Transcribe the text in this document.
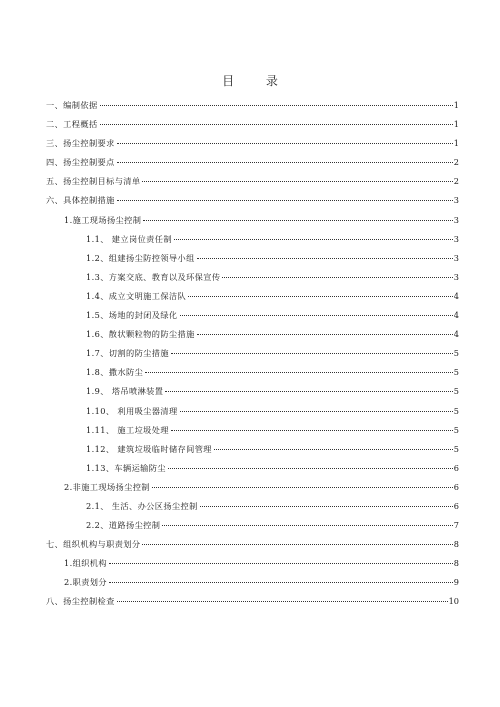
目 录
一、编制依据	1
二、工程概括	1
三、扬尘控制要求	1
四、扬尘控制要点	2
五、扬尘控制目标与清单	2
六、具体控制措施	3
1.施工现场扬尘控制	3
1.1、 建立岗位责任制	3
1.2、组建扬尘防控领导小组	3
1.3、方案交底、教育以及环保宣传	3
1.4、成立文明施工保洁队	4
1.5、场地的封闭及绿化	4
1.6、散状颗粒物的防尘措施	4
1.7、切割的防尘措施	5
1.8、撒水防尘	5
1.9、 塔吊喷淋装置	5
1.10、 利用吸尘器清理	5
1.11、 施工垃圾处理	5
1.12、 建筑垃圾临时储存间管理	5
1.13、车辆运输防尘	6
2.非施工现场扬尘控制	6
2.1、 生活、办公区扬尘控制	6
2.2、道路扬尘控制	7
七、组织机构与职责划分	8
1.组织机构	8
2.职责划分	9
八、扬尘控制检查	10
